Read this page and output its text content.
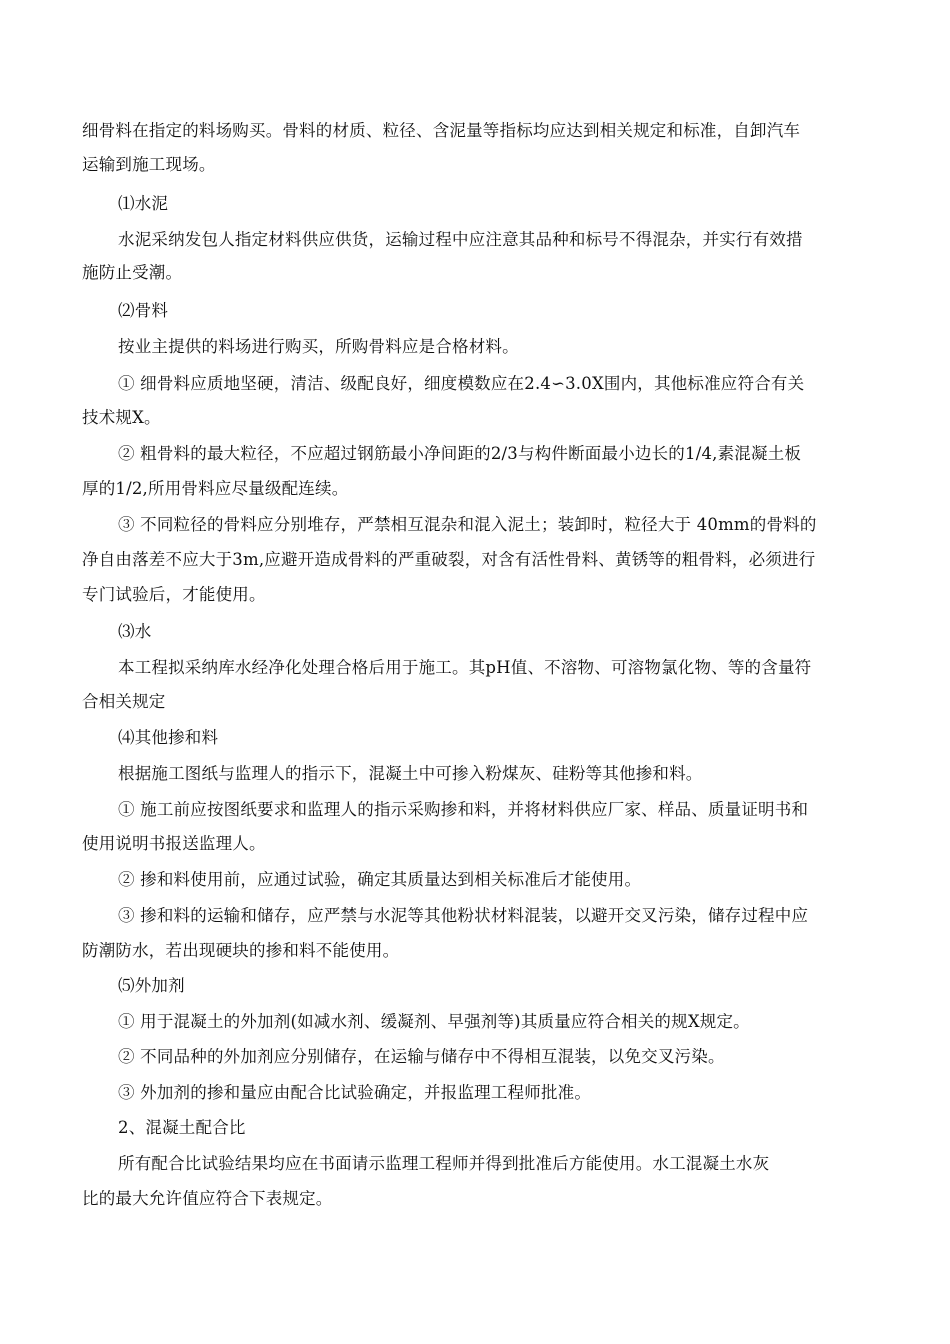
细骨料在指定的料场购买。骨料的材质、粒径、含泥量等指标均应达到相关规定和标准，自卸汽车
运输到施工现场。
⑴水泥
水泥采纳发包人指定材料供应供货，运输过程中应注意其品种和标号不得混杂，并实行有效措
施防止受潮。
⑵骨料
按业主提供的料场进行购买，所购骨料应是合格材料。
① 细骨料应质地坚硬，清洁、级配良好，细度模数应在2.4∽3.0X围内，其他标准应符合有关
技术规X。
② 粗骨料的最大粒径，不应超过钢筋最小净间距的2/3与构件断面最小边长的1/4,素混凝土板
厚的1/2,所用骨料应尽量级配连续。
③ 不同粒径的骨料应分别堆存，严禁相互混杂和混入泥土；装卸时，粒径大于 40mm的骨料的
净自由落差不应大于3m,应避开造成骨料的严重破裂，对含有活性骨料、黄锈等的粗骨料，必须进行
专门试验后，才能使用。
⑶水
本工程拟采纳库水经净化处理合格后用于施工。其pH值、不溶物、可溶物氯化物、等的含量符
合相关规定
⑷其他掺和料
根据施工图纸与监理人的指示下，混凝土中可掺入粉煤灰、硅粉等其他掺和料。
① 施工前应按图纸要求和监理人的指示采购掺和料，并将材料供应厂家、样品、质量证明书和
使用说明书报送监理人。
② 掺和料使用前，应通过试验，确定其质量达到相关标准后才能使用。
③ 掺和料的运输和储存，应严禁与水泥等其他粉状材料混装，以避开交叉污染，储存过程中应
防潮防水，若出现硬块的掺和料不能使用。
⑸外加剂
① 用于混凝土的外加剂(如减水剂、缓凝剂、早强剂等)其质量应符合相关的规X规定。
② 不同品种的外加剂应分别储存，在运输与储存中不得相互混装，以免交叉污染。
③ 外加剂的掺和量应由配合比试验确定，并报监理工程师批准。
2、混凝土配合比
所有配合比试验结果均应在书面请示监理工程师并得到批准后方能使用。水工混凝土水灰
比的最大允许值应符合下表规定。
